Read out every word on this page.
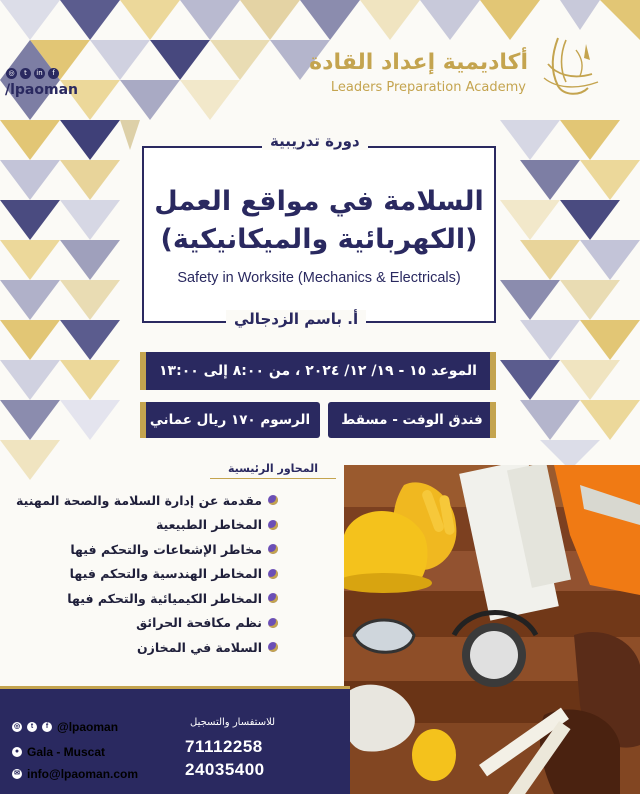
◎	t	in	f
/lpaoman
أكاديمية إعداد القادة
Leaders Preparation Academy
السلامة في مواقع العمل
(الكهربائية والميكانيكية)
Safety in Worksite (Mechanics & Electricals)
دورة تدريبية
أ. باسم الزدجالي
الموعد ١٥ - ١٩/ ١٢/ ٢٠٢٤ ، من ٨:٠٠ إلى ١٣:٠٠
الرسوم ١٧٠ ريال عماني	فندق الوفت - مسقط
المحاور الرئيسية
مقدمة عن إدارة السلامة والصحة المهنية
المخاطر الطبيعية
مخاطر الإشعاعات والتحكم فيها
المخاطر الهندسية والتحكم فيها
المخاطر الكيميائية والتحكم فيها
نظم مكافحة الحرائق
السلامة في المخازن
◎	t	f @lpaoman
● Gala - Muscat
✉ info@lpaoman.com
للاستفسار والتسجيل
71112258
24035400
